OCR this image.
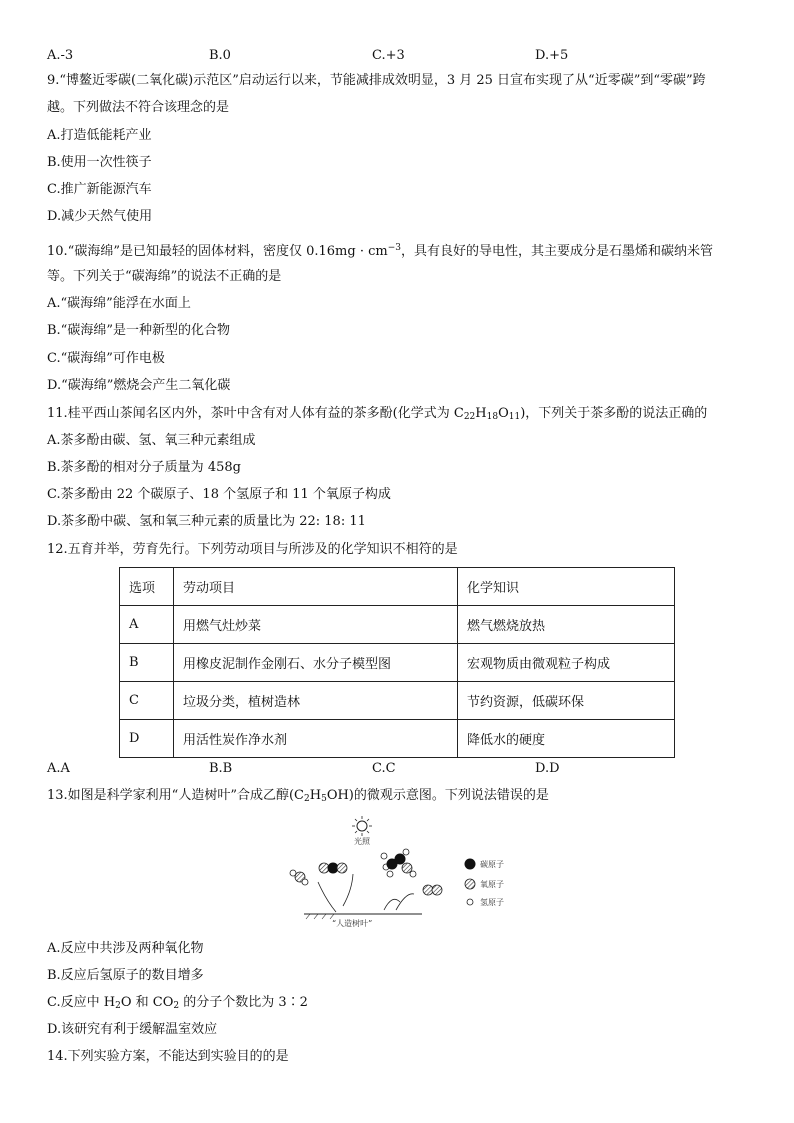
A.-3	B.0	C.+3	D.+5
9.“博鳌近零碳(二氧化碳)示范区”启动运行以来，节能减排成效明显，3 月 25 日宣布实现了从“近零碳”到“零碳”跨
越。下列做法不符合该理念的是
A.打造低能耗产业
B.使用一次性筷子
C.推广新能源汽车
D.减少天然气使用
10.“碳海绵”是已知最轻的固体材料，密度仅 $0.16mg \cdot cm^{-3}$，具有良好的导电性，其主要成分是石墨烯和碳纳米管
等。下列关于“碳海绵”的说法不正确的是
A.“碳海绵”能浮在水面上
B.“碳海绵”是一种新型的化合物
C.“碳海绵”可作电极
D.“碳海绵”燃烧会产生二氧化碳
11.桂平西山茶闻名区内外，茶叶中含有对人体有益的茶多酚(化学式为 $C_{22}H_{18}O_{11}$)，下列关于茶多酚的说法正确的
A.茶多酚由碳、氢、氧三种元素组成
B.茶多酚的相对分子质量为 458g
C.茶多酚由 22 个碳原子、18 个氢原子和 11 个氧原子构成
D.茶多酚中碳、氢和氧三种元素的质量比为 22: 18: 11
12.五育并举，劳育先行。下列劳动项目与所涉及的化学知识不相符的是
选项	劳动项目	化学知识
A	用燃气灶炒菜	燃气燃烧放热
B	用橡皮泥制作金刚石、水分子模型图	宏观物质由微观粒子构成
C	垃圾分类，植树造林	节约资源，低碳环保
D	用活性炭作净水剂	降低水的硬度
A.A	B.B	C.C	D.D
13.如图是科学家利用“人造树叶”合成乙醇$(C_2H_5OH)$的微观示意图。下列说法错误的是
光照
“人造树叶”
碳原子
氧原子
氢原子
A.反应中共涉及两种氧化物
B.反应后氢原子的数目增多
C.反应中 $H_2O$ 和 $CO_2$ 的分子个数比为 3∶2
D.该研究有利于缓解温室效应
14.下列实验方案，不能达到实验目的的是
